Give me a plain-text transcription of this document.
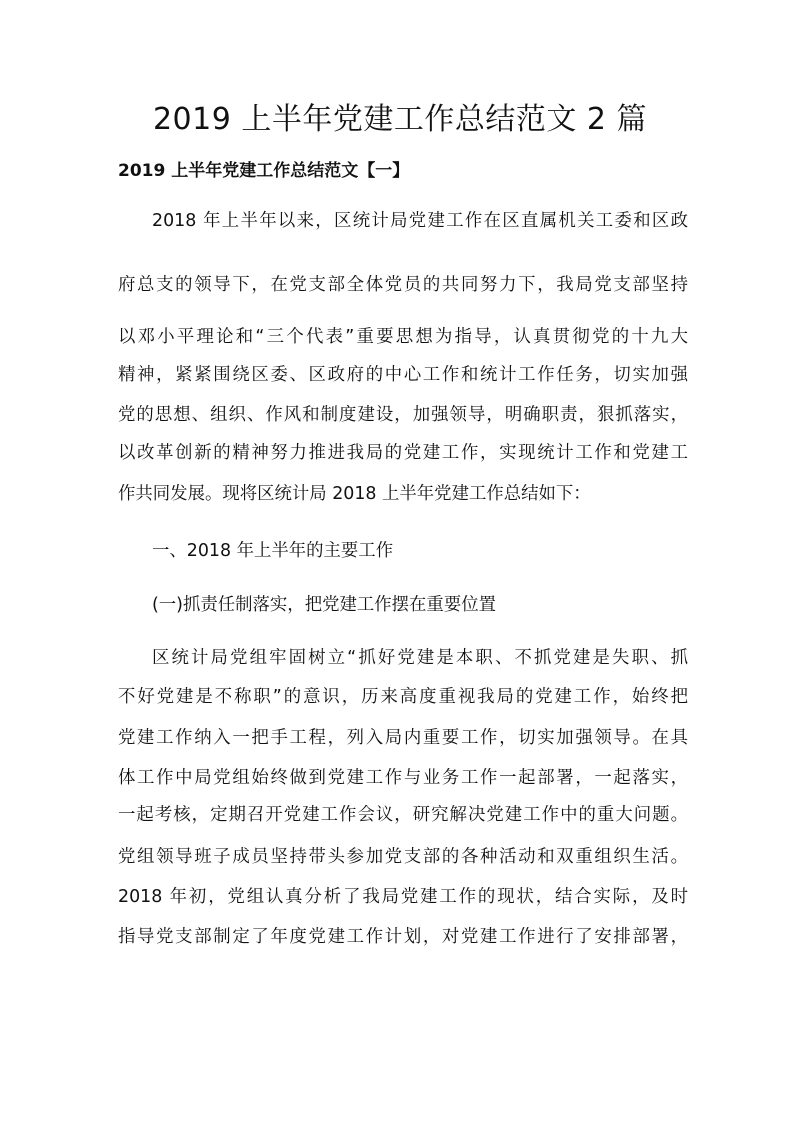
2019 上半年党建工作总结范文 2 篇
2019 上半年党建工作总结范文【一】
2018 年上半年以来，区统计局党建工作在区直属机关工委和区政
府总支的领导下，在党支部全体党员的共同努力下，我局党支部坚持
以邓小平理论和“三个代表”重要思想为指导，认真贯彻党的十九大
精神，紧紧围绕区委、区政府的中心工作和统计工作任务，切实加强
党的思想、组织、作风和制度建设，加强领导，明确职责，狠抓落实，
以改革创新的精神努力推进我局的党建工作，实现统计工作和党建工
作共同发展。现将区统计局 2018 上半年党建工作总结如下：
一、2018 年上半年的主要工作
(一)抓责任制落实，把党建工作摆在重要位置
区统计局党组牢固树立“抓好党建是本职、不抓党建是失职、抓
不好党建是不称职”的意识，历来高度重视我局的党建工作，始终把
党建工作纳入一把手工程，列入局内重要工作，切实加强领导。在具
体工作中局党组始终做到党建工作与业务工作一起部署，一起落实，
一起考核，定期召开党建工作会议，研究解决党建工作中的重大问题。
党组领导班子成员坚持带头参加党支部的各种活动和双重组织生活。
2018 年初，党组认真分析了我局党建工作的现状，结合实际，及时
指导党支部制定了年度党建工作计划，对党建工作进行了安排部署，
